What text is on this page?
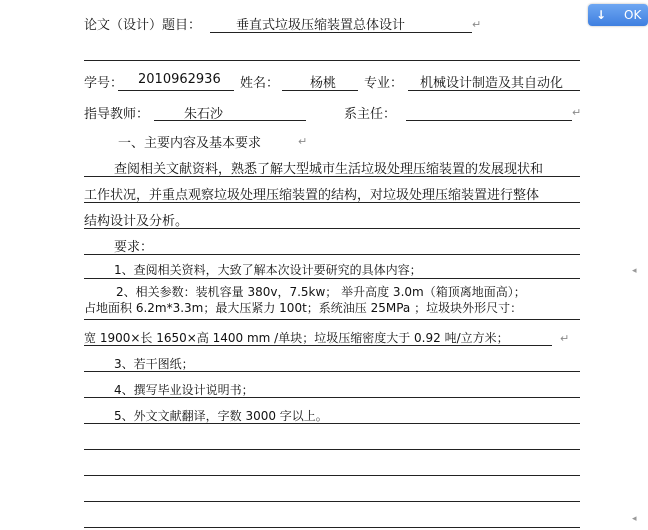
↓ OK
论文（设计）题目：	垂直式垃圾压缩装置总体设计	↵
学号： 2010962936 姓名： 杨桃 专业： 机械设计制造及其自动化
指导教师：	朱石沙	系主任：	↵
一、主要内容及基本要求	↵
查阅相关文献资料，熟悉了解大型城市生活垃圾处理压缩装置的发展现状和
工作状况，并重点观察垃圾处理压缩装置的结构，对垃圾处理压缩装置进行整体
结构设计及分析。
要求：
1、查阅相关资料，大致了解本次设计要研究的具体内容；
2、相关参数：装机容量 380v，7.5kw； 举升高度 3.0m（箱顶离地面高）；
占地面积 6.2m*3.3m；最大压紧力 100t；系统油压 25MPa ；垃圾块外形尺寸：
宽 1900×长 1650×高 1400 mm /单块；垃圾压缩密度大于 0.92 吨/立方米；	↵
3、若干图纸；
4、撰写毕业设计说明书；
5、外文文献翻译，字数 3000 字以上。
◂
◂
